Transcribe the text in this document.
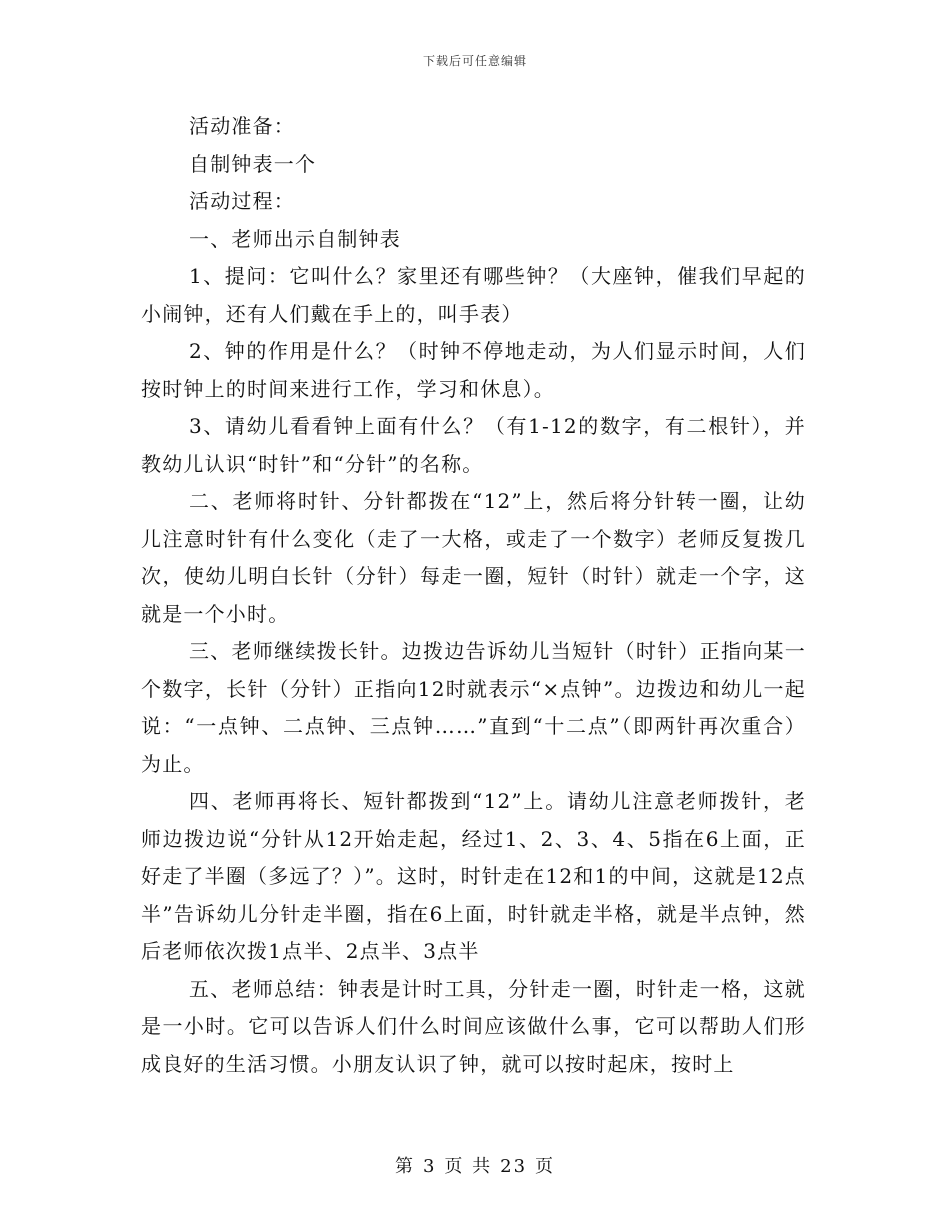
下载后可任意编辑

活动准备：

自制钟表一个

活动过程：

一、老师出示自制钟表

1、提问：它叫什么？家里还有哪些钟？（大座钟，催我们早起的小闹钟，还有人们戴在手上的，叫手表）

2、钟的作用是什么？（时钟不停地走动，为人们显示时间，人们按时钟上的时间来进行工作，学习和休息）。

3、请幼儿看看钟上面有什么？（有1-12的数字，有二根针），并教幼儿认识“时针”和“分针”的名称。

二、老师将时针、分针都拨在“12”上，然后将分针转一圈，让幼儿注意时针有什么变化（走了一大格，或走了一个数字）老师反复拨几次，使幼儿明白长针（分针）每走一圈，短针（时针）就走一个字，这就是一个小时。

三、老师继续拨长针。边拨边告诉幼儿当短针（时针）正指向某一个数字，长针（分针）正指向12时就表示“×点钟”。边拨边和幼儿一起说：“一点钟、二点钟、三点钟……”直到“十二点”（即两针再次重合）为止。

四、老师再将长、短针都拨到“12”上。请幼儿注意老师拨针，老师边拨边说“分针从12开始走起，经过1、2、3、4、5指在6上面，正好走了半圈（多远了？）”。这时，时针走在12和1的中间，这就是12点半”告诉幼儿分针走半圈，指在6上面，时针就走半格，就是半点钟，然后老师依次拨1点半、2点半、3点半

五、老师总结：钟表是计时工具，分针走一圈，时针走一格，这就是一小时。它可以告诉人们什么时间应该做什么事，它可以帮助人们形成良好的生活习惯。小朋友认识了钟，就可以按时起床，按时上

第 3 页 共 23 页
